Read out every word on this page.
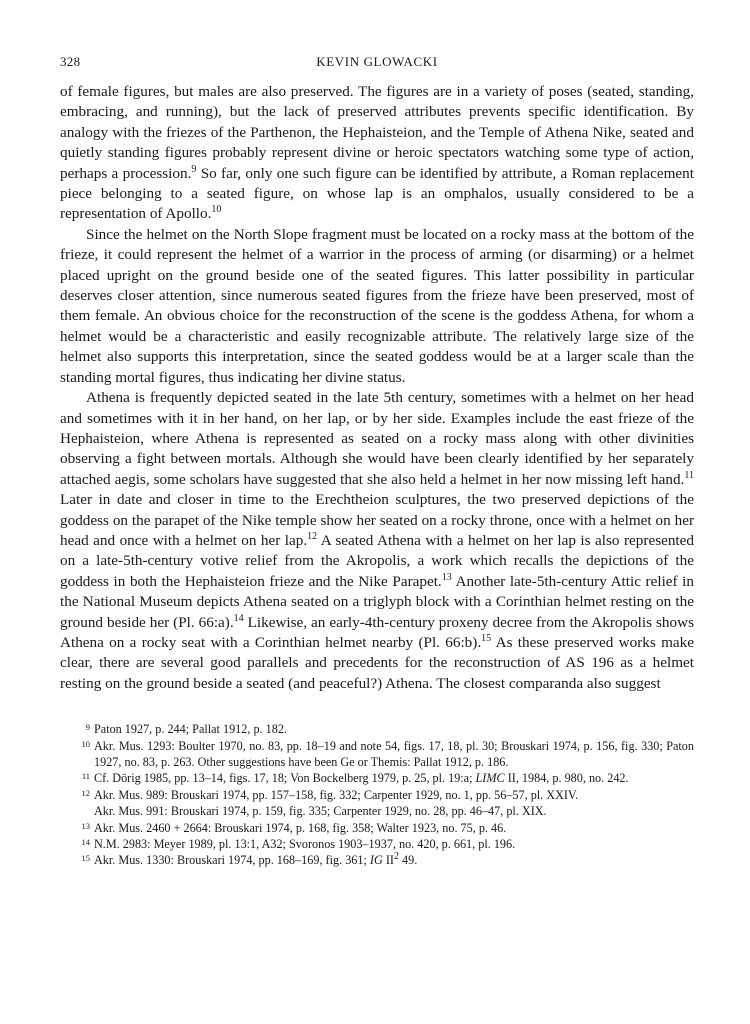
328	KEVIN GLOWACKI

of female figures, but males are also preserved. The figures are in a variety of poses (seated, standing, embracing, and running), but the lack of preserved attributes prevents specific identification. By analogy with the friezes of the Parthenon, the Hephaisteion, and the Temple of Athena Nike, seated and quietly standing figures probably represent divine or heroic spectators watching some type of action, perhaps a procession.$^9$ So far, only one such figure can be identified by attribute, a Roman replacement piece belonging to a seated figure, on whose lap is an omphalos, usually considered to be a representation of Apollo.$^{10}$

Since the helmet on the North Slope fragment must be located on a rocky mass at the bottom of the frieze, it could represent the helmet of a warrior in the process of arming (or disarming) or a helmet placed upright on the ground beside one of the seated figures. This latter possibility in particular deserves closer attention, since numerous seated figures from the frieze have been preserved, most of them female. An obvious choice for the reconstruction of the scene is the goddess Athena, for whom a helmet would be a characteristic and easily recognizable attribute. The relatively large size of the helmet also supports this interpretation, since the seated goddess would be at a larger scale than the standing mortal figures, thus indicating her divine status.

Athena is frequently depicted seated in the late 5th century, sometimes with a helmet on her head and sometimes with it in her hand, on her lap, or by her side. Examples include the east frieze of the Hephaisteion, where Athena is represented as seated on a rocky mass along with other divinities observing a fight between mortals. Although she would have been clearly identified by her separately attached aegis, some scholars have suggested that she also held a helmet in her now missing left hand.$^{11}$ Later in date and closer in time to the Erechtheion sculptures, the two preserved depictions of the goddess on the parapet of the Nike temple show her seated on a rocky throne, once with a helmet on her head and once with a helmet on her lap.$^{12}$ A seated Athena with a helmet on her lap is also represented on a late-5th-century votive relief from the Akropolis, a work which recalls the depictions of the goddess in both the Hephaisteion frieze and the Nike Parapet.$^{13}$ Another late-5th-century Attic relief in the National Museum depicts Athena seated on a triglyph block with a Corinthian helmet resting on the ground beside her (Pl. 66:a).$^{14}$ Likewise, an early-4th-century proxeny decree from the Akropolis shows Athena on a rocky seat with a Corinthian helmet nearby (Pl. 66:b).$^{15}$ As these preserved works make clear, there are several good parallels and precedents for the reconstruction of AS 196 as a helmet resting on the ground beside a seated (and peaceful?) Athena. The closest comparanda also suggest

9 Paton 1927, p. 244; Pallat 1912, p. 182.
10 Akr. Mus. 1293: Boulter 1970, no. 83, pp. 18–19 and note 54, figs. 17, 18, pl. 30; Brouskari 1974, p. 156, fig. 330; Paton 1927, no. 83, p. 263. Other suggestions have been Ge or Themis: Pallat 1912, p. 186.
11 Cf. Dörig 1985, pp. 13–14, figs. 17, 18; Von Bockelberg 1979, p. 25, pl. 19:a; LIMC II, 1984, p. 980, no. 242.
12 Akr. Mus. 989: Brouskari 1974, pp. 157–158, fig. 332; Carpenter 1929, no. 1, pp. 56–57, pl. XXIV.
Akr. Mus. 991: Brouskari 1974, p. 159, fig. 335; Carpenter 1929, no. 28, pp. 46–47, pl. XIX.
13 Akr. Mus. 2460 + 2664: Brouskari 1974, p. 168, fig. 358; Walter 1923, no. 75, p. 46.
14 N.M. 2983: Meyer 1989, pl. 13:1, A32; Svoronos 1903–1937, no. 420, p. 661, pl. 196.
15 Akr. Mus. 1330: Brouskari 1974, pp. 168–169, fig. 361; IG $II^2$ 49.
